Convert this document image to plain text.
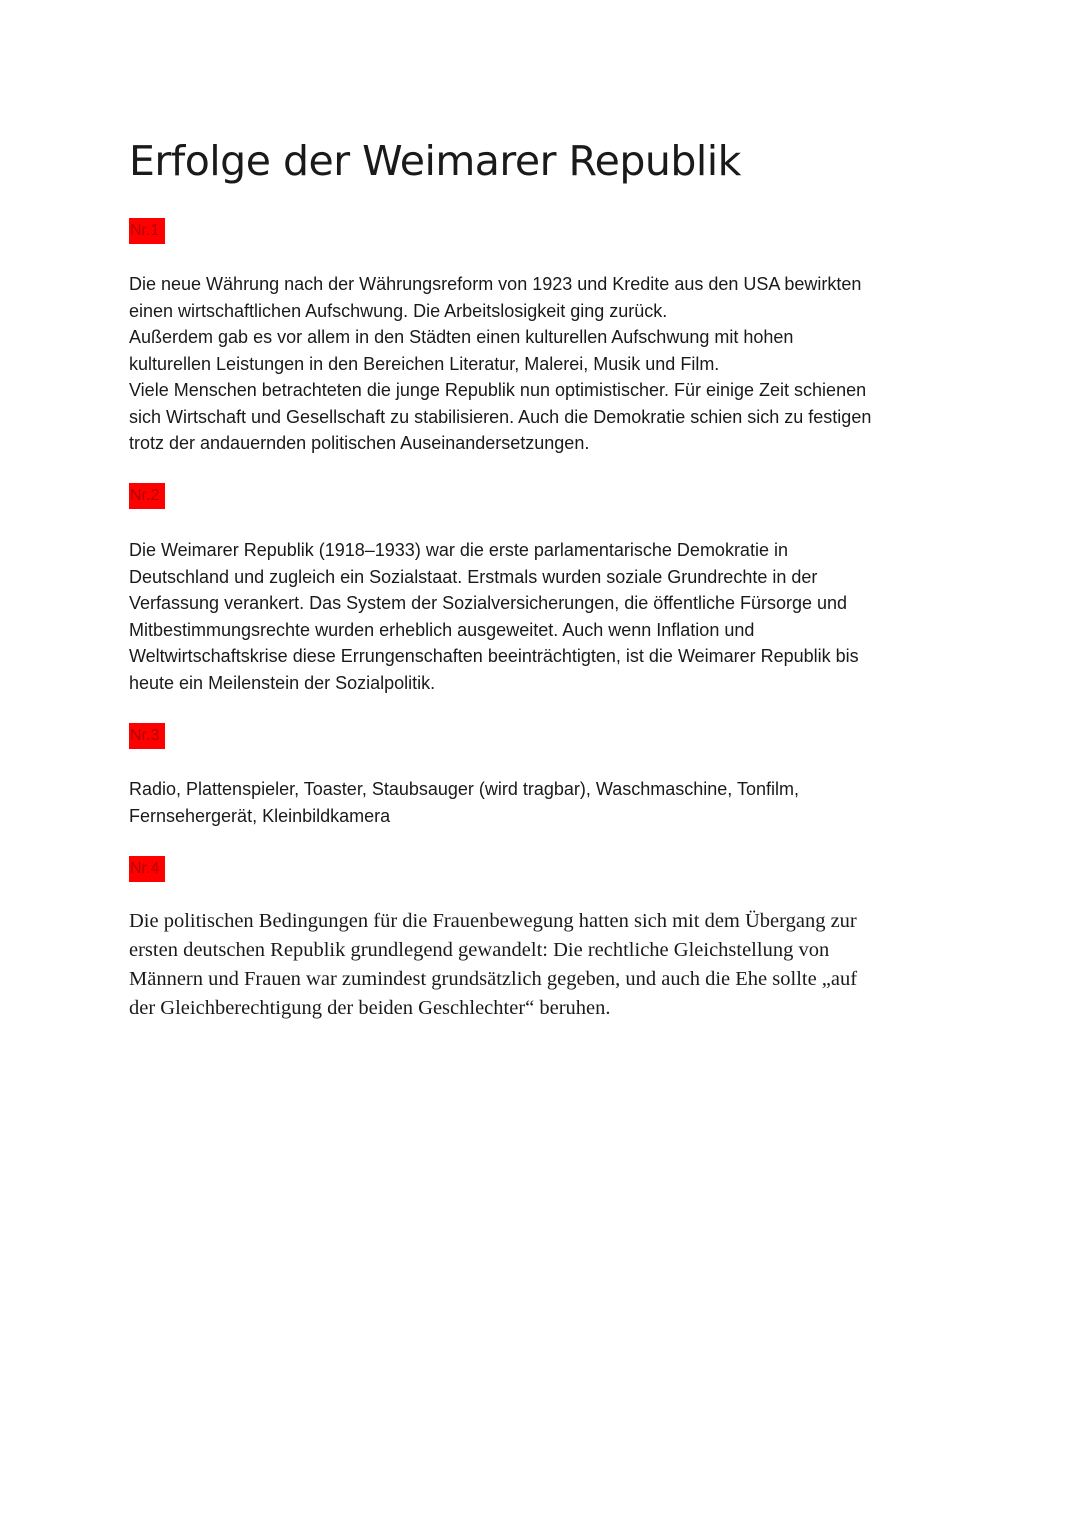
Erfolge der Weimarer Republik
Nr.1

Die neue Währung nach der Währungsreform von 1923 und Kredite aus den USA bewirkten
einen wirtschaftlichen Aufschwung. Die Arbeitslosigkeit ging zurück.
Außerdem gab es vor allem in den Städten einen kulturellen Aufschwung mit hohen
kulturellen Leistungen in den Bereichen Literatur, Malerei, Musik und Film.
Viele Menschen betrachteten die junge Republik nun optimistischer. Für einige Zeit schienen
sich Wirtschaft und Gesellschaft zu stabilisieren. Auch die Demokratie schien sich zu festigen
trotz der andauernden politischen Auseinandersetzungen.

Nr.2

Die Weimarer Republik (1918–1933) war die erste parlamentarische Demokratie in
Deutschland und zugleich ein Sozialstaat. Erstmals wurden soziale Grundrechte in der
Verfassung verankert. Das System der Sozialversicherungen, die öffentliche Fürsorge und
Mitbestimmungsrechte wurden erheblich ausgeweitet. Auch wenn Inflation und
Weltwirtschaftskrise diese Errungenschaften beeinträchtigten, ist die Weimarer Republik bis
heute ein Meilenstein der Sozialpolitik.

Nr.3

Radio, Plattenspieler, Toaster, Staubsauger (wird tragbar), Waschmaschine, Tonfilm,
Fernsehergerät, Kleinbildkamera

Nr.4

Die politischen Bedingungen für die Frauenbewegung hatten sich mit dem Übergang zur
ersten deutschen Republik grundlegend gewandelt: Die rechtliche Gleichstellung von
Männern und Frauen war zumindest grundsätzlich gegeben, und auch die Ehe sollte „auf
der Gleichberechtigung der beiden Geschlechter“ beruhen.
